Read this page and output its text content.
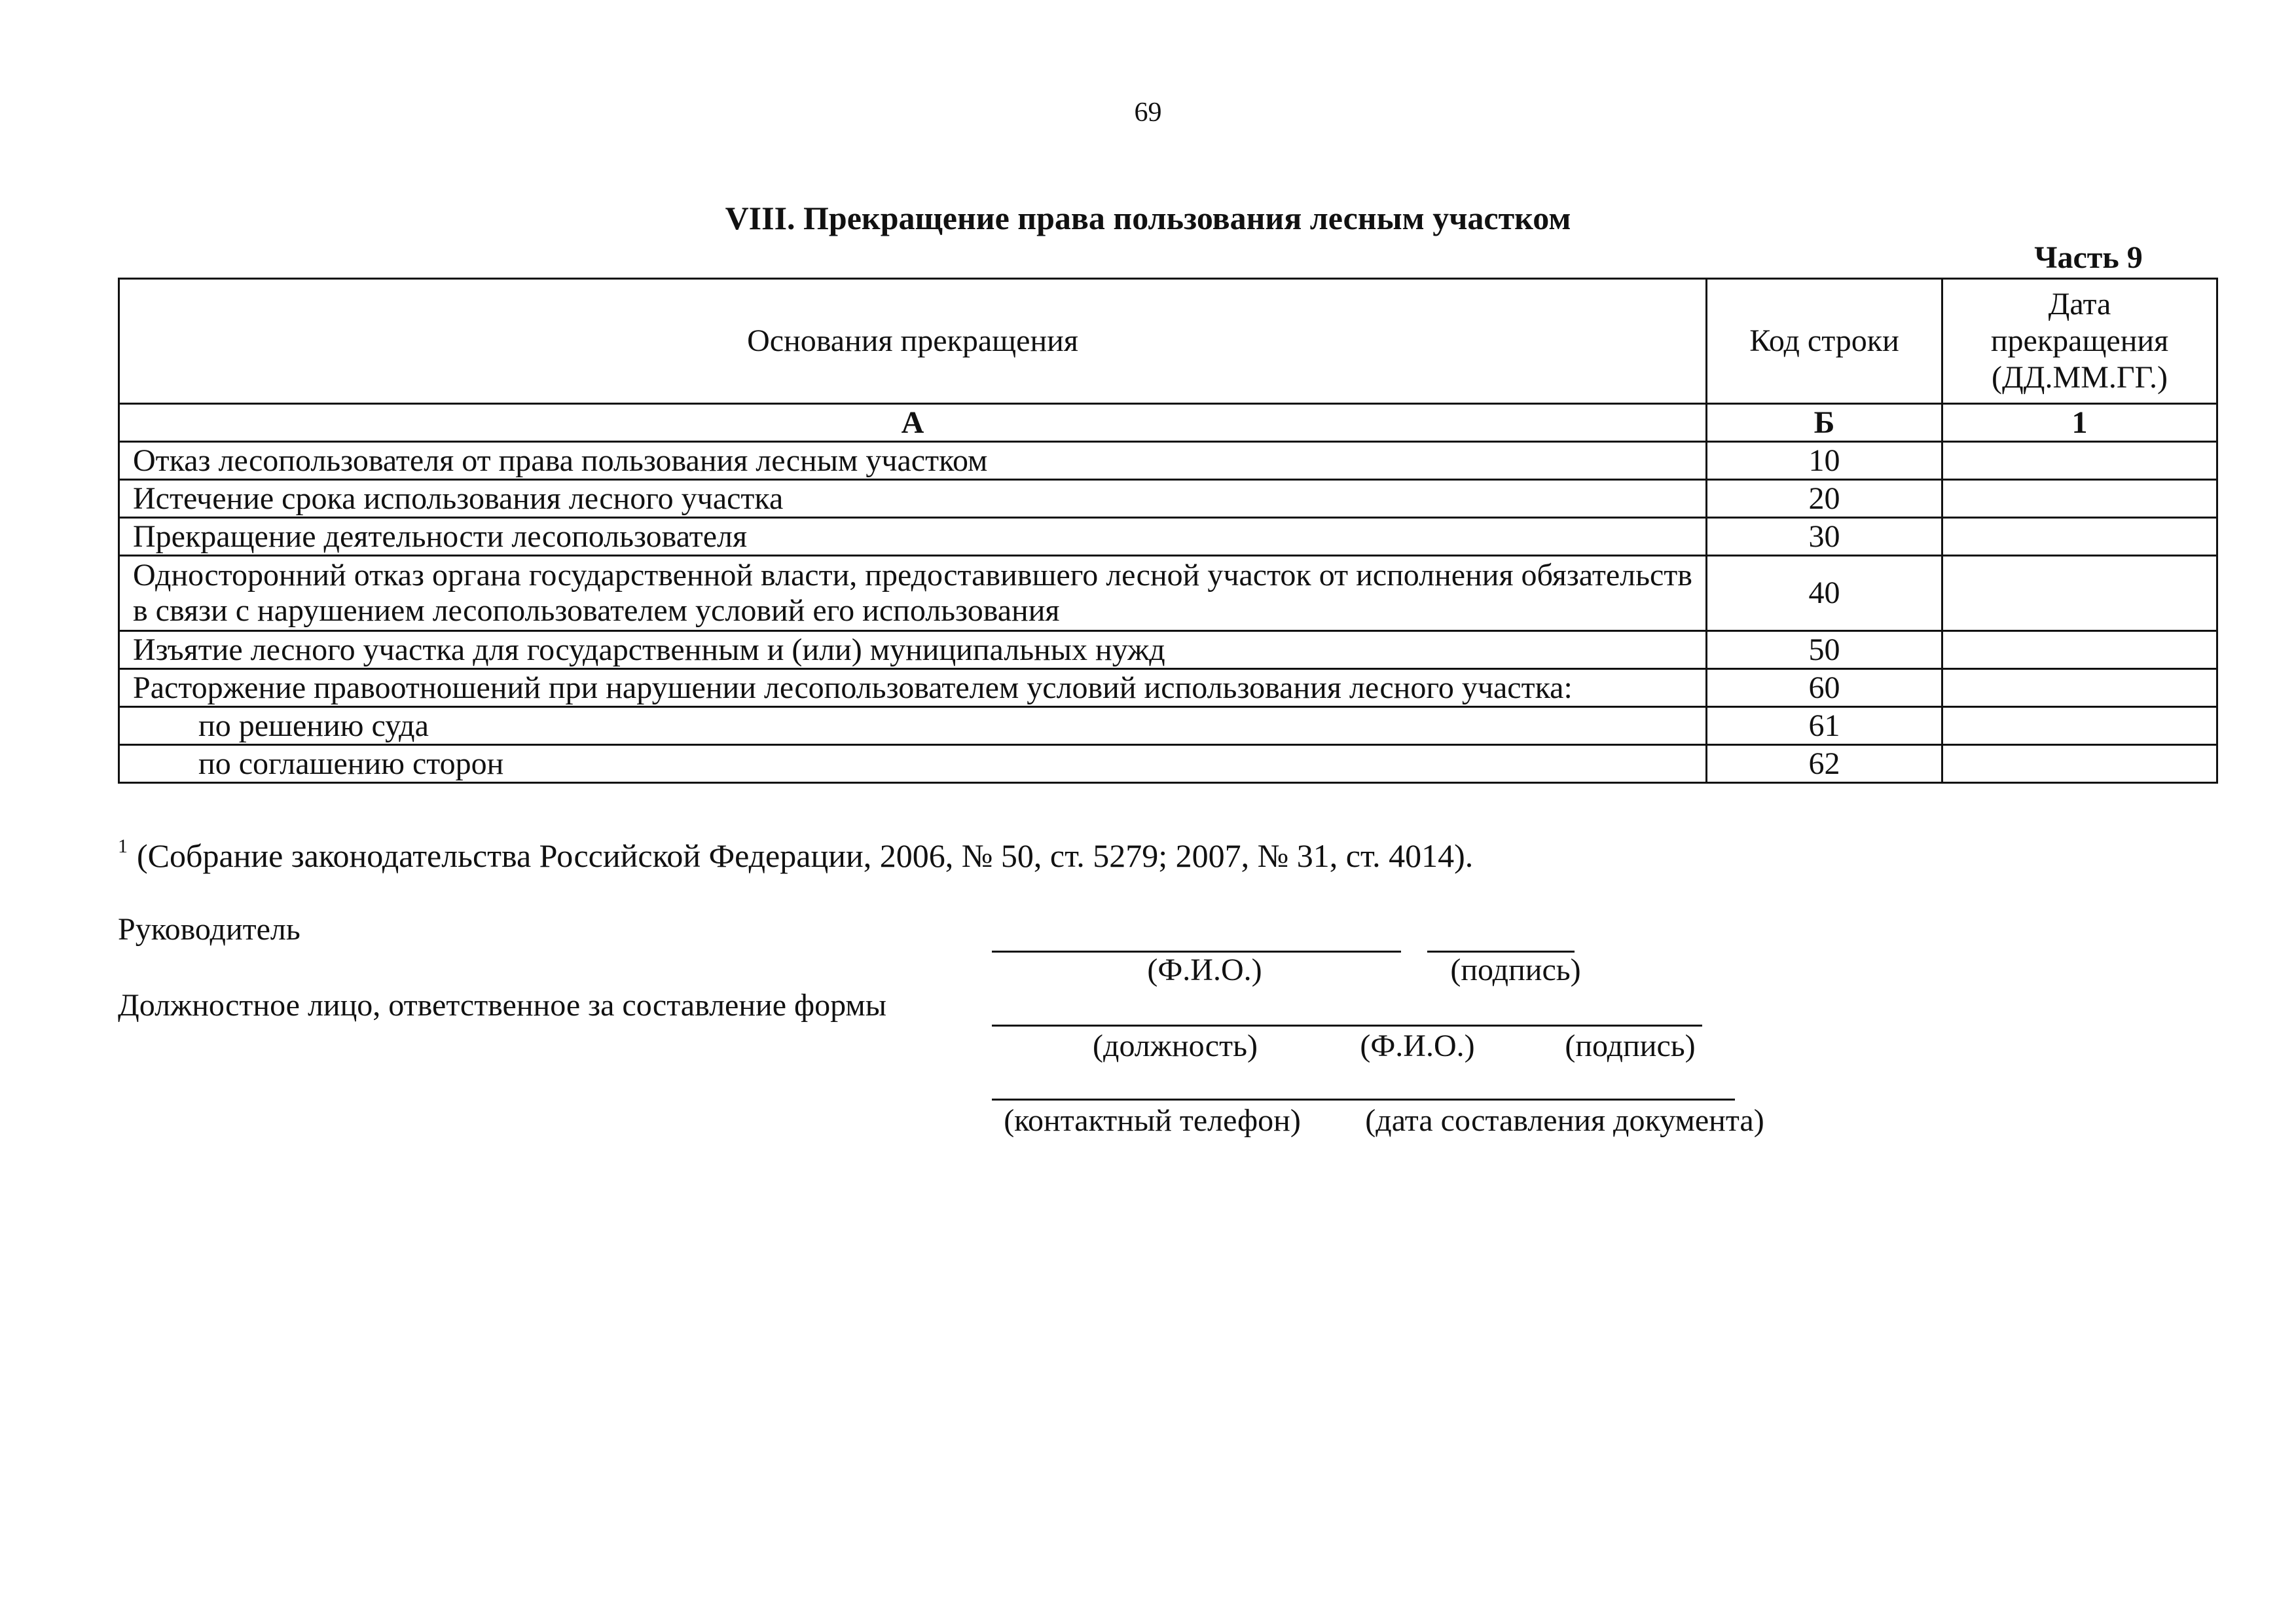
69
VIII. Прекращение права пользования лесным участком
Часть 9
Основания прекращения	Код строки	Дата
прекращения
(ДД.ММ.ГГ.)

А	Б	1
Отказ лесопользователя от права пользования лесным участком	10	
Истечение срока использования лесного участка	20	
Прекращение деятельности лесопользователя	30	
Односторонний отказ органа государственной власти, предоставившего лесной участок от исполнения обязательств в связи с нарушением лесопользователем условий его использования	40	
Изъятие лесного участка для государственным и (или) муниципальных нужд	50	
Расторжение правоотношений при нарушении лесопользователем условий использования лесного участка:	60	
по решению суда	61	
по соглашению сторон	62	
$^1$ (Собрание законодательства Российской Федерации, 2006, № 50, ст. 5279; 2007, № 31, ст. 4014).
Руководитель
(Ф.И.О.)	(подпись)
Должностное лицо, ответственное за составление формы
(должность)	(Ф.И.О.)	(подпись)
(контактный телефон)	(дата составления документа)
